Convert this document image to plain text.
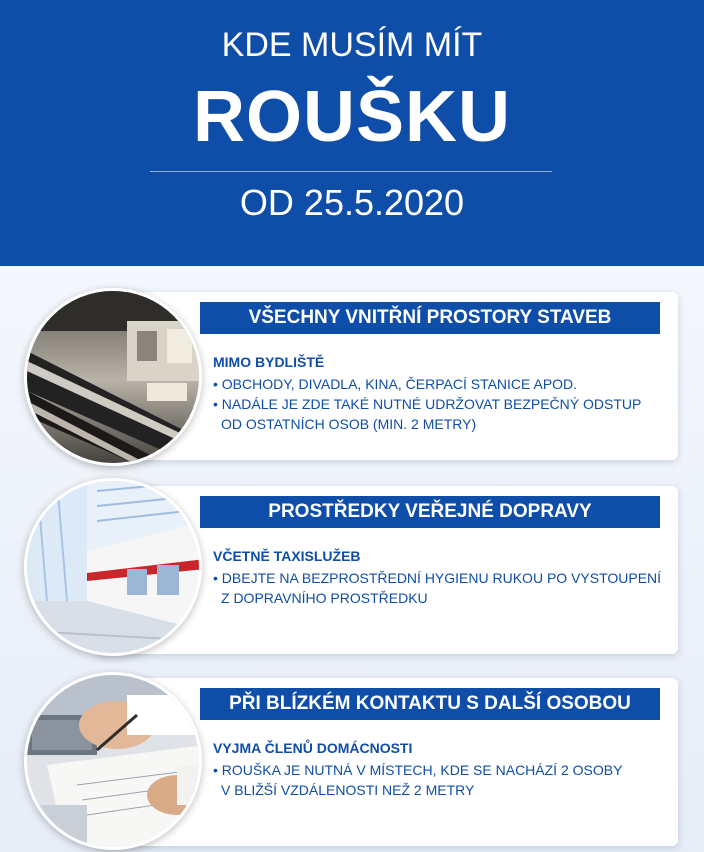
KDE MUSÍM MÍT
ROUŠKU
OD 25.5.2020
VŠECHNY VNITŘNÍ PROSTORY STAVEB
MIMO BYDLIŠTĚ
• OBCHODY, DIVADLA, KINA, ČERPACÍ STANICE APOD.
• NADÁLE JE ZDE TAKÉ NUTNÉ UDRŽOVAT BEZPEČNÝ ODSTUP
OD OSTATNÍCH OSOB (MIN. 2 METRY)
PROSTŘEDKY VEŘEJNÉ DOPRAVY
VČETNĚ TAXISLUŽEB
• DBEJTE NA BEZPROSTŘEDNÍ HYGIENU RUKOU PO VYSTOUPENÍ
Z DOPRAVNÍHO PROSTŘEDKU
PŘI BLÍZKÉM KONTAKTU S DALŠÍ OSOBOU
VYJMA ČLENŮ DOMÁCNOSTI
• ROUŠKA JE NUTNÁ V MÍSTECH, KDE SE NACHÁZÍ 2 OSOBY
V BLIŽŠÍ VZDÁLENOSTI NEŽ 2 METRY
